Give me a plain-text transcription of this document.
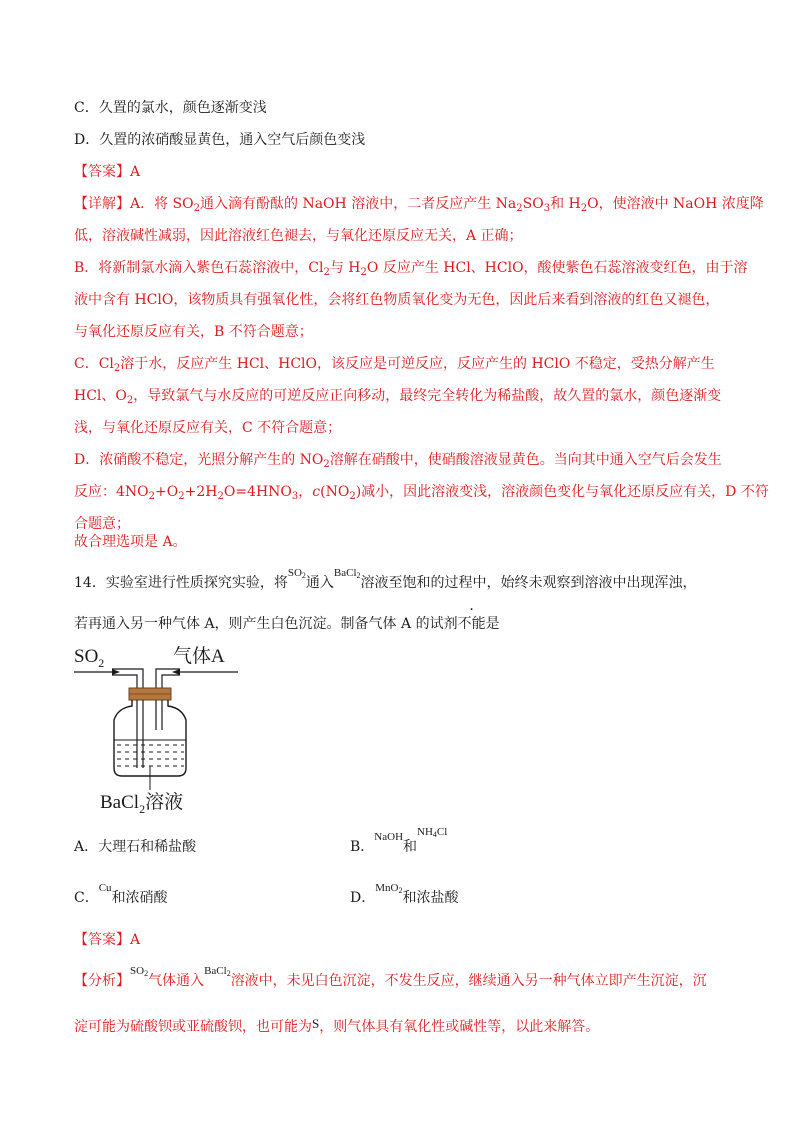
C．久置的氯水，颜色逐渐变浅
D．久置的浓硝酸显黄色，通入空气后颜色变浅
【答案】A
【详解】A．将 $SO_2$通入滴有酚酞的 NaOH 溶液中，二者反应产生 $Na_2SO_3$和 $H_2O$，使溶液中 NaOH 浓度降
低，溶液碱性减弱，因此溶液红色褪去，与氧化还原反应无关，A 正确；
B．将新制氯水滴入紫色石蕊溶液中，$Cl_2$与 $H_2O$ 反应产生 HCl、HClO，酸使紫色石蕊溶液变红色，由于溶
液中含有 HClO，该物质具有强氧化性，会将红色物质氧化变为无色，因此后来看到溶液的红色又褪色，
与氧化还原反应有关，B 不符合题意；
C．$Cl_2$溶于水，反应产生 HCl、HClO，该反应是可逆反应，反应产生的 HClO 不稳定，受热分解产生
HCl、$O_2$，导致氯气与水反应的可逆反应正向移动，最终完全转化为稀盐酸，故久置的氯水，颜色逐渐变
浅，与氧化还原反应有关，C 不符合题意；
D．浓硝酸不稳定，光照分解产生的 $NO_2$溶解在硝酸中，使硝酸溶液显黄色。当向其中通入空气后会发生
反应：$4NO_2+O_2+2H_2O=4HNO_3$，$c(NO_2)$减小，因此溶液变浅，溶液颜色变化与氧化还原反应有关，D 不符
合题意；
故合理选项是 A。
14．实验室进行性质探究实验，将$^{SO_2}$通入$^{BaCl_2}$溶液至饱和的过程中，始终未观察到溶液中出现浑浊，
若再通入另一种气体 A，则产生白色沉淀。制备气体 A 的试剂不能是
$SO_2$	气体A
BaCl$_2$溶液
A．大理石和稀盐酸	B．$^{NaOH}$和$^{NH_4Cl}$
C．$^{Cu}$和浓硝酸	D．$^{MnO_2}$和浓盐酸
【答案】A
【分析】$^{SO_2}$气体通入$^{BaCl_2}$溶液中，未见白色沉淀，不发生反应，继续通入另一种气体立即产生沉淀，沉
淀可能为硫酸钡或亚硫酸钡，也可能为S，则气体具有氧化性或碱性等，以此来解答。
